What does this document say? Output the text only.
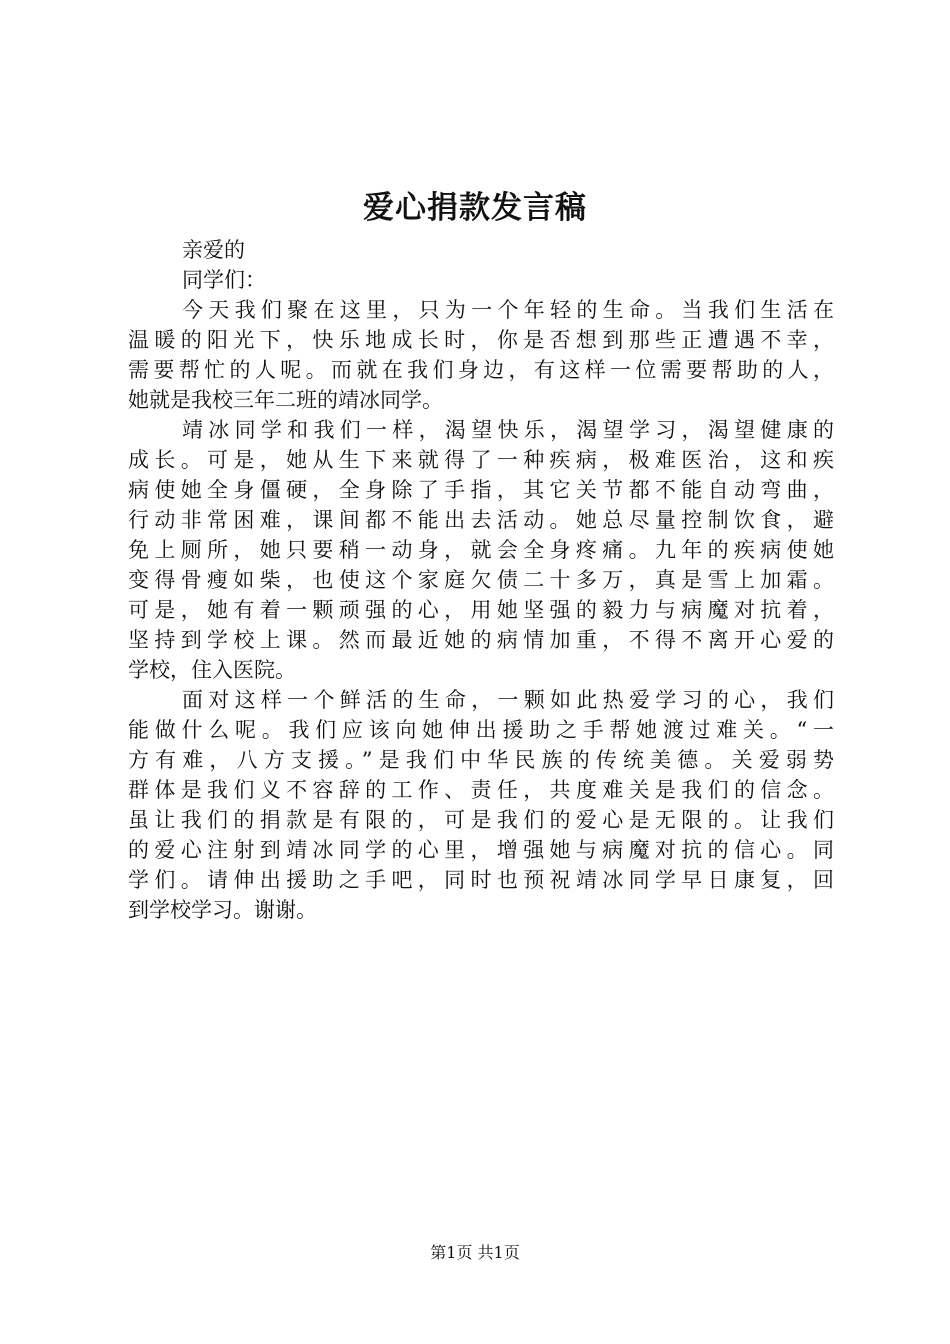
爱心捐款发言稿
亲爱的
同学们：
今天我们聚在这里，只为一个年轻的生命。当我们生活在
温暖的阳光下，快乐地成长时，你是否想到那些正遭遇不幸，
需要帮忙的人呢。而就在我们身边，有这样一位需要帮助的人，
她就是我校三年二班的靖冰同学。
靖冰同学和我们一样，渴望快乐，渴望学习，渴望健康的
成长。可是，她从生下来就得了一种疾病，极难医治，这和疾
病使她全身僵硬，全身除了手指，其它关节都不能自动弯曲，
行动非常困难，课间都不能出去活动。她总尽量控制饮食，避
免上厕所，她只要稍一动身，就会全身疼痛。九年的疾病使她
变得骨瘦如柴，也使这个家庭欠债二十多万，真是雪上加霜。
可是，她有着一颗顽强的心，用她坚强的毅力与病魔对抗着，
坚持到学校上课。然而最近她的病情加重，不得不离开心爱的
学校，住入医院。
面对这样一个鲜活的生命，一颗如此热爱学习的心，我们
能做什么呢。我们应该向她伸出援助之手帮她渡过难关。“一
方有难，八方支援。”是我们中华民族的传统美德。关爱弱势
群体是我们义不容辞的工作、责任，共度难关是我们的信念。
虽让我们的捐款是有限的，可是我们的爱心是无限的。让我们
的爱心注射到靖冰同学的心里，增强她与病魔对抗的信心。同
学们。请伸出援助之手吧，同时也预祝靖冰同学早日康复，回
到学校学习。谢谢。
第1页 共1页
